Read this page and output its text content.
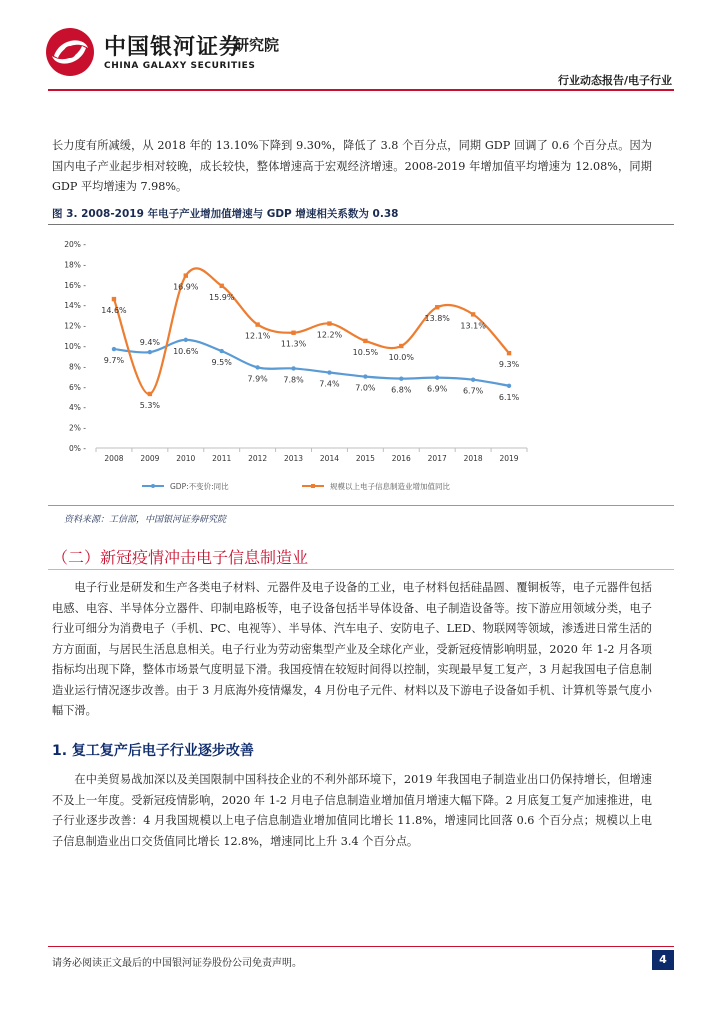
中国银河证券
研究院
CHINA GALAXY SECURITIES
行业动态报告/电子行业
长力度有所减缓，从 2018 年的 13.10%下降到 9.30%，降低了 3.8 个百分点，同期 GDP 回调了 0.6 个百分点。因为国内电子产业起步相对较晚，成长较快，整体增速高于宏观经济增速。2008-2019 年增加值平均增速为 12.08%，同期 GDP 平均增速为 7.98%。
图 3. 2008-2019 年电子产业增加值增速与 GDP 增速相关系数为 0.38
0% -
2% -
4% -
6% -
8% -
10% -
12% -
14% -
16% -
18% -
20% -
2008 2009 2010 2011 2012 2013 2014 2015 2016 2017 2018 2019
9.7%
9.4%
10.6%
9.5%
7.9% 7.8% 7.4% 7.0% 6.8% 6.9% 6.7%
6.1%
14.6%
5.3%
16.9%
15.9%
12.1%
11.3%
12.2%
10.5%
10.0%
13.8%
13.1%
9.3%
GDP:不变价:同比	规模以上电子信息制造业增加值同比
资料来源：工信部，中国银河证券研究院
（二）新冠疫情冲击电子信息制造业
电子行业是研发和生产各类电子材料、元器件及电子设备的工业，电子材料包括硅晶圆、覆铜板等，电子元器件包括电感、电容、半导体分立器件、印制电路板等，电子设备包括半导体设备、电子制造设备等。按下游应用领域分类，电子行业可细分为消费电子（手机、PC、电视等）、半导体、汽车电子、安防电子、LED、物联网等领域，渗透进日常生活的方方面面，与居民生活息息相关。电子行业为劳动密集型产业及全球化产业，受新冠疫情影响明显，2020 年 1-2 月各项指标均出现下降，整体市场景气度明显下滑。我国疫情在较短时间得以控制，实现最早复工复产，3 月起我国电子信息制造业运行情况逐步改善。由于 3 月底海外疫情爆发，4 月份电子元件、材料以及下游电子设备如手机、计算机等景气度小幅下滑。
1. 复工复产后电子行业逐步改善
在中美贸易战加深以及美国限制中国科技企业的不利外部环境下，2019 年我国电子制造业出口仍保持增长，但增速不及上一年度。受新冠疫情影响，2020 年 1-2 月电子信息制造业增加值月增速大幅下降。2 月底复工复产加速推进，电子行业逐步改善：4 月我国规模以上电子信息制造业增加值同比增长 11.8%，增速同比回落 0.6 个百分点；规模以上电子信息制造业出口交货值同比增长 12.8%，增速同比上升 3.4 个百分点。
请务必阅读正文最后的中国银河证券股份公司免责声明。	4
